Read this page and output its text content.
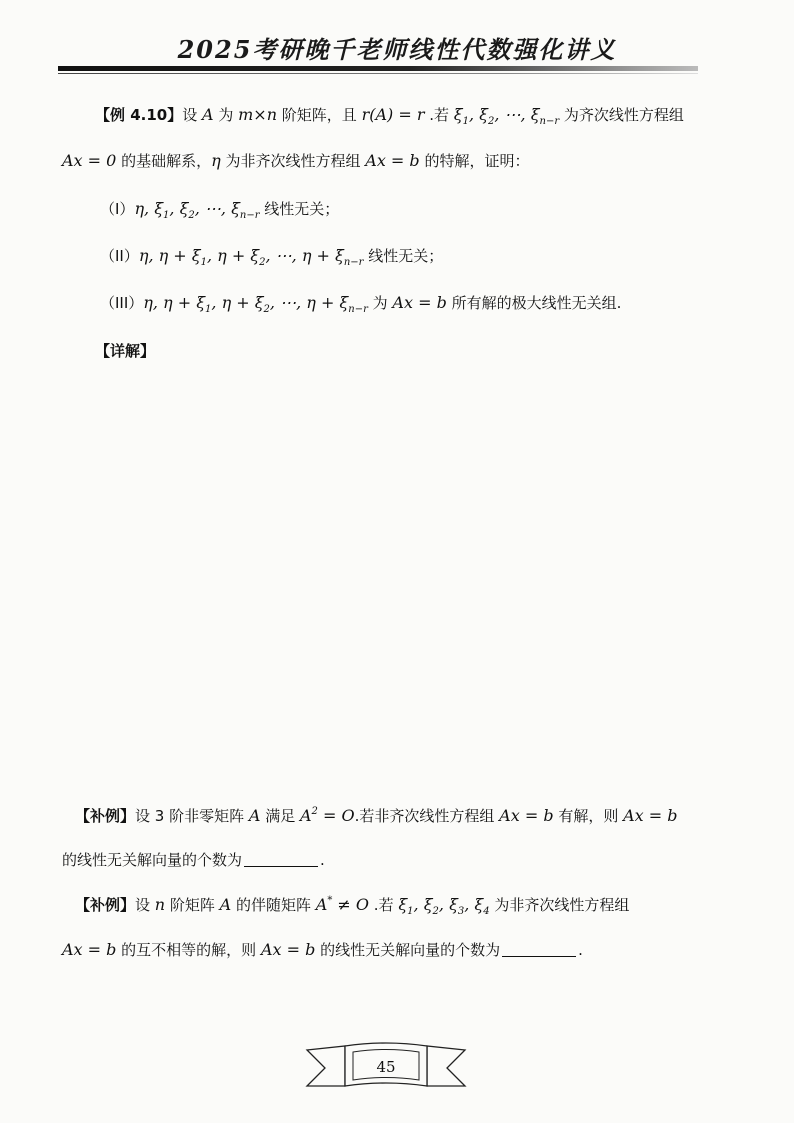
2025考研晚千老师线性代数强化讲义
【例 4.10】设 A 为 m×n 阶矩阵，且 r(A) = r .若 $\xi_1$, $\xi_2$, ⋯, $\xi_{n-r}$ 为齐次线性方程组
Ax = 0 的基础解系，η 为非齐次线性方程组 Ax = b 的特解，证明：
（I）η, $\xi_1$, $\xi_2$, ⋯, $\xi_{n-r}$ 线性无关；
（II）η, $\eta + \xi_1$, $\eta + \xi_2$, ⋯, $\eta + \xi_{n-r}$ 线性无关；
（III）η, $\eta + \xi_1$, $\eta + \xi_2$, ⋯, $\eta + \xi_{n-r}$ 为 Ax = b 所有解的极大线性无关组.
【详解】
【补例】设 3 阶非零矩阵 A 满足 $A^2 = O$.若非齐次线性方程组 Ax = b 有解，则 Ax = b
的线性无关解向量的个数为	.
【补例】设 n 阶矩阵 A 的伴随矩阵 A* ≠ O .若 $\xi_1$, $\xi_2$, $\xi_3$, $\xi_4$ 为非齐次线性方程组
Ax = b 的互不相等的解，则 Ax = b 的线性无关解向量的个数为	.
45
